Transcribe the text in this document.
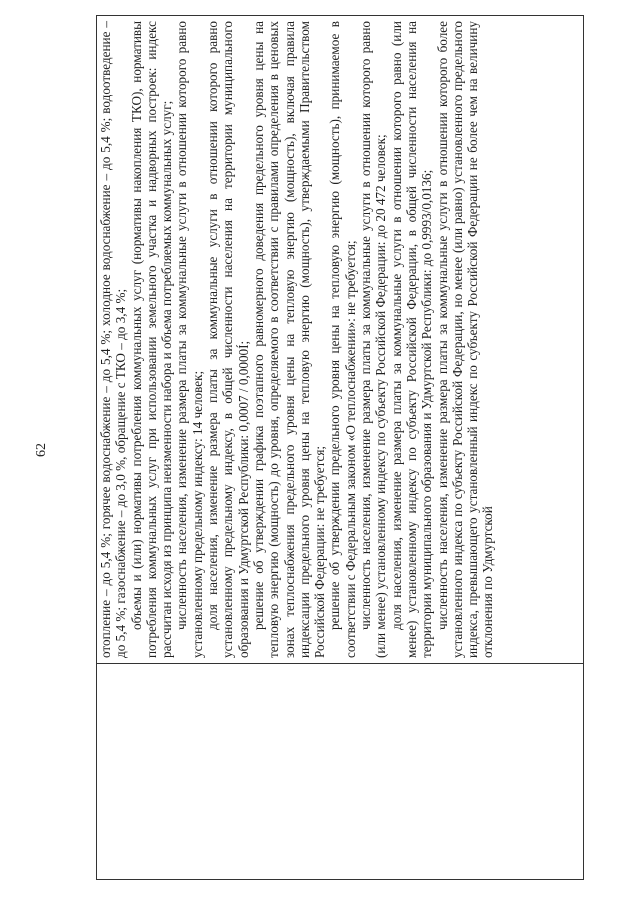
62	отопление – до 5,4 %; горячее водоснабжение – до 5,4 %; холодное водоснабжение – до 5,4 %; водоотведение – до 5,4 %; газоснабжение – до 3,0 %, обращение с ТКО – до 3,4 %; объемы и (или) нормативы потребления коммунальных услуг (нормативы накопления ТКО), нормативы потребления коммунальных услуг при использовании земельного участка и надворных построек: индекс рассчитан исходя из принципа неизменности набора и объема потребляемых коммунальных услуг; численность населения, изменение размера платы за коммунальные услуги в отношении которого равно установленному предельному индексу: 14 человек; доля населения, изменение размера платы за коммунальные услуги в отношении которого равно установленному предельному индексу, в общей численности населения на территории муниципального образования и Удмуртской Республики: 0,0007 / 0,0000Í; решение об утверждении графика поэтапного равномерного доведения предельного уровня цены на тепловую энергию (мощность) до уровня, определяемого в соответствии с правилами определения в ценовых зонах теплоснабжения предельного уровня цены на тепловую энергию (мощность), включая правила индексации предельного уровня цены на тепловую энергию (мощность), утверждаемыми Правительством Российской Федерации: не требуется; решение об утверждении предельного уровня цены на тепловую энергию (мощность), принимаемое в соответствии с Федеральным законом «О теплоснабжении»: не требуется; численность населения, изменение размера платы за коммунальные услуги в отношении которого равно (или менее) установленному индексу по субъекту Российской Федерации: до 20 472 человек; доля населения, изменение размера платы за коммунальные услуги в отношении которого равно (или менее) установленному индексу по субъекту Российской Федерации, в общей численности населения на территории муниципального образования и Удмуртской Республики: до 0,9993/0,0136; численность населения, изменение размера платы за коммунальные услуги в отношении которого более установленного индекса по субъекту Российской Федерации, но менее (или равно) установленного предельного индекса, превышающего установленный индекс по субъекту Российской Федерации не более чем на величину отклонения по Удмуртской
